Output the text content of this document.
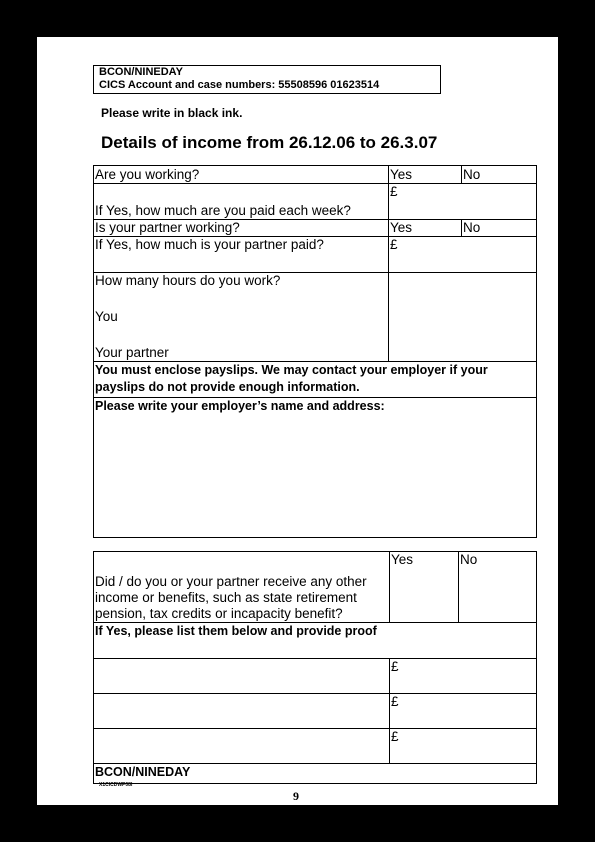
BCON/NINEDAY
CICS Account and case numbers: 55508596 01623514
Please write in black ink.
Details of income from 26.12.06 to 26.3.07
Are you working?	Yes	No
If Yes, how much are you paid each week?	£	
Is your partner working?	Yes	No
If Yes, how much is your partner paid?	£	

How many hours do you work?
You
Your partner		

You must enclose payslips. We may contact your employer if your payslips do not provide enough information.		
Please write your employer’s name and address:		
Did / do you or your partner receive any other income or benefits, such as state retirement pension, tax credits or incapacity benefit?	Yes	No
If Yes, please list them below and provide proof		
	£	
	£	
	£	
BCON/NINEDAY		
X1CICDWP08I
9
